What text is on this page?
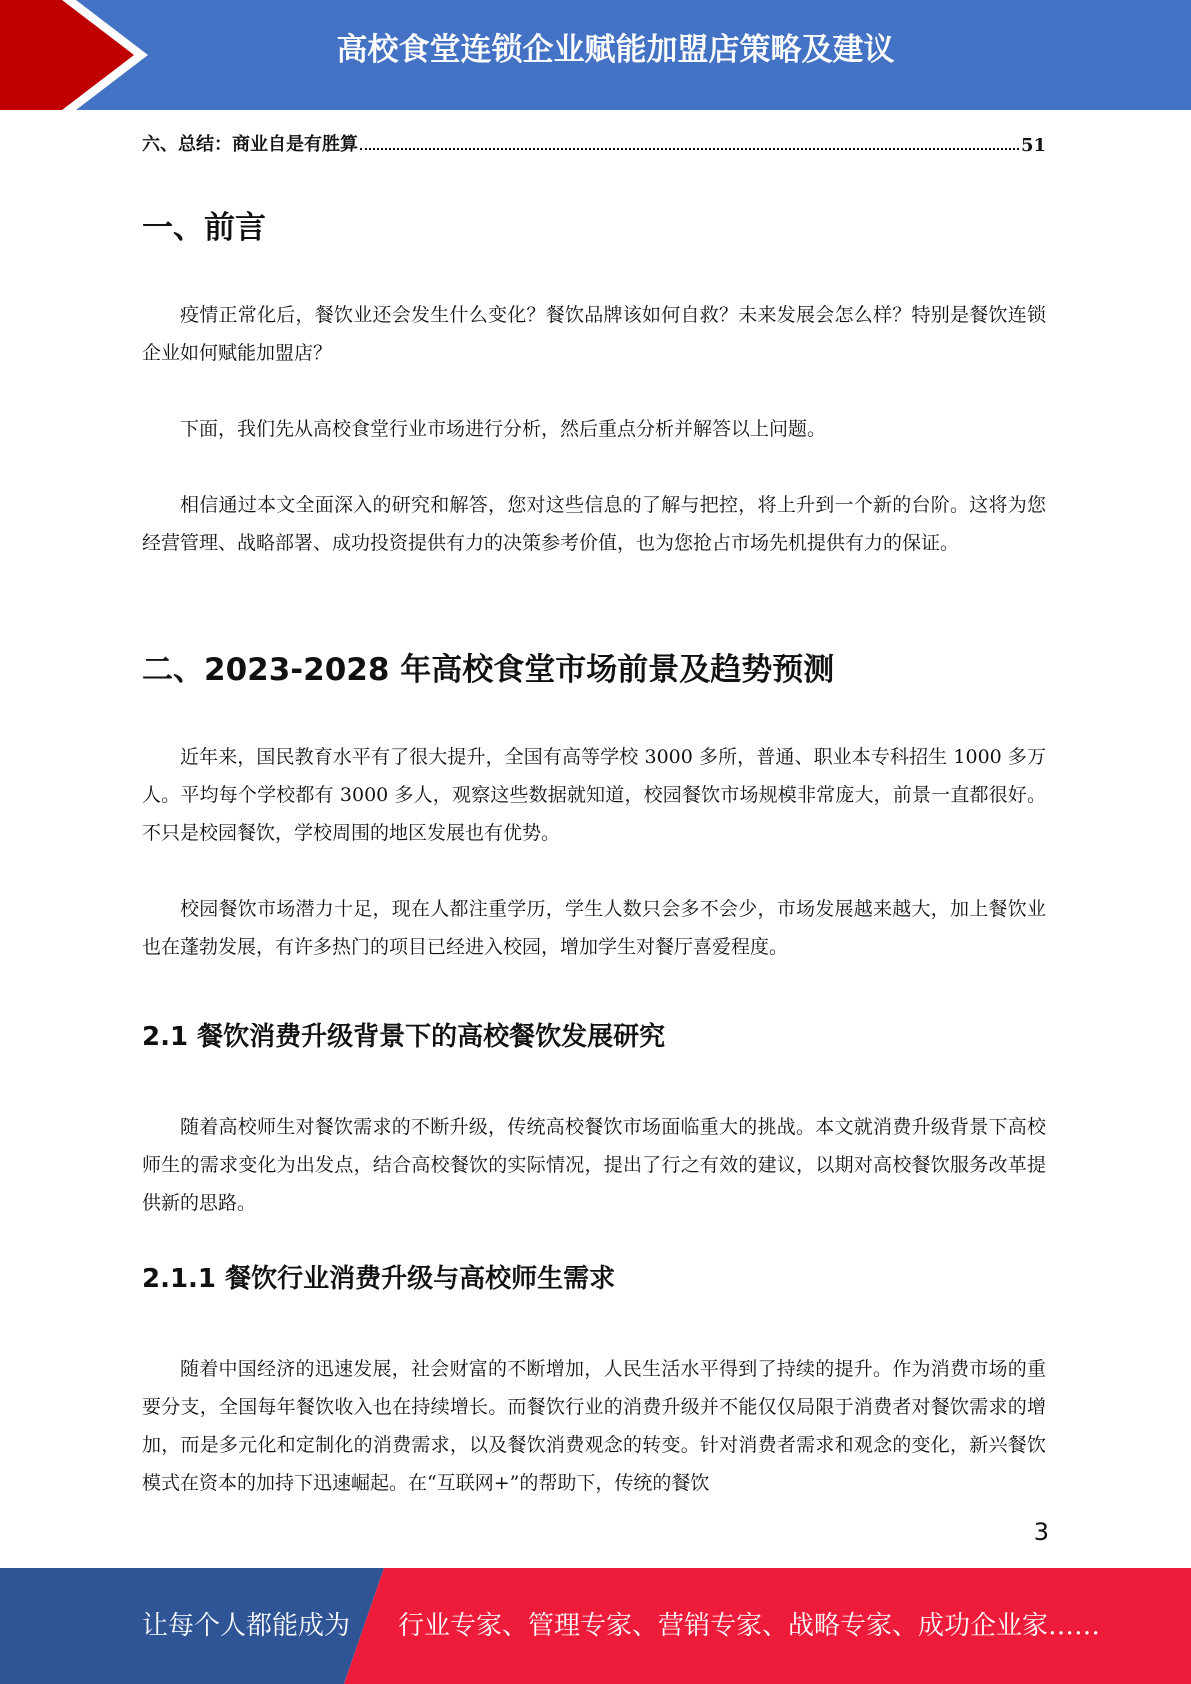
高校食堂连锁企业赋能加盟店策略及建议
六、总结：商业自是有胜算	51
一、前言

疫情正常化后，餐饮业还会发生什么变化？餐饮品牌该如何自救？未来发展会怎么样？特别是餐饮连锁企业如何赋能加盟店？

下面，我们先从高校食堂行业市场进行分析，然后重点分析并解答以上问题。

相信通过本文全面深入的研究和解答，您对这些信息的了解与把控，将上升到一个新的台阶。这将为您经营管理、战略部署、成功投资提供有力的决策参考价值，也为您抢占市场先机提供有力的保证。

二、2023-2028 年高校食堂市场前景及趋势预测

近年来，国民教育水平有了很大提升，全国有高等学校 3000 多所，普通、职业本专科招生 1000 多万人。平均每个学校都有 3000 多人，观察这些数据就知道，校园餐饮市场规模非常庞大，前景一直都很好。不只是校园餐饮，学校周围的地区发展也有优势。

校园餐饮市场潜力十足，现在人都注重学历，学生人数只会多不会少，市场发展越来越大，加上餐饮业也在蓬勃发展，有许多热门的项目已经进入校园，增加学生对餐厅喜爱程度。

2.1 餐饮消费升级背景下的高校餐饮发展研究

随着高校师生对餐饮需求的不断升级，传统高校餐饮市场面临重大的挑战。本文就消费升级背景下高校师生的需求变化为出发点，结合高校餐饮的实际情况，提出了行之有效的建议，以期对高校餐饮服务改革提供新的思路。

2.1.1 餐饮行业消费升级与高校师生需求

随着中国经济的迅速发展，社会财富的不断增加，人民生活水平得到了持续的提升。作为消费市场的重要分支，全国每年餐饮收入也在持续增长。而餐饮行业的消费升级并不能仅仅局限于消费者对餐饮需求的增加，而是多元化和定制化的消费需求，以及餐饮消费观念的转变。针对消费者需求和观念的变化，新兴餐饮模式在资本的加持下迅速崛起。在“互联网+”的帮助下，传统的餐饮

3
让每个人都能成为 行业专家、管理专家、营销专家、战略专家、成功企业家……
